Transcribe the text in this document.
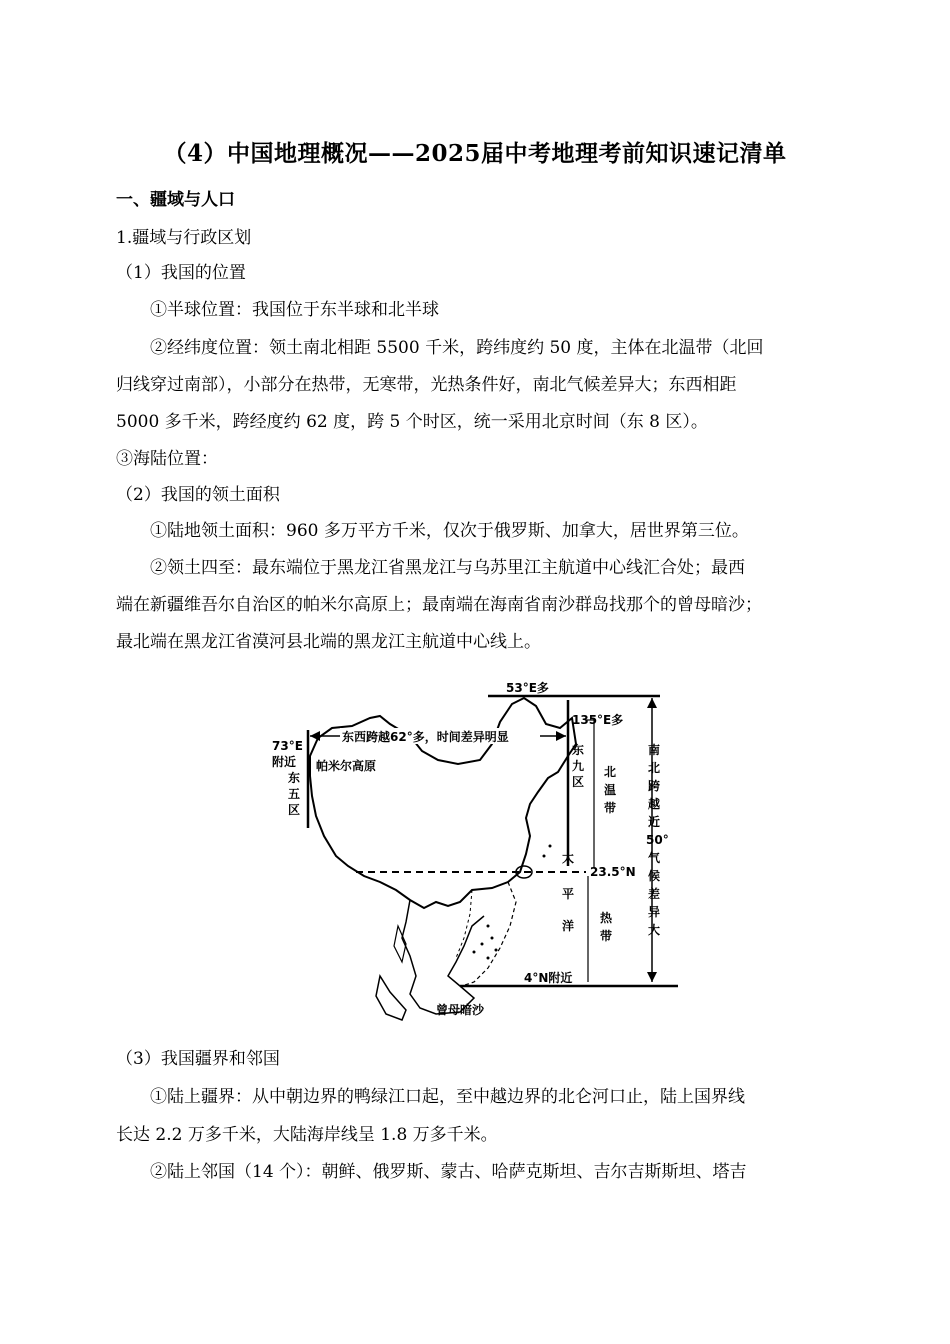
（4）中国地理概况——2025届中考地理考前知识速记清单
一、疆域与人口
1.疆域与行政区划
（1）我国的位置
①半球位置：我国位于东半球和北半球
②经纬度位置：领土南北相距 5500 千米，跨纬度约 50 度，主体在北温带（北回
归线穿过南部），小部分在热带，无寒带，光热条件好，南北气候差异大；东西相距
5000 多千米，跨经度约 62 度，跨 5 个时区，统一采用北京时间（东 8 区）。
③海陆位置：
（2）我国的领土面积
①陆地领土面积：960 多万平方千米，仅次于俄罗斯、加拿大，居世界第三位。
②领土四至：最东端位于黑龙江省黑龙江与乌苏里江主航道中心线汇合处；最西
端在新疆维吾尔自治区的帕米尔高原上；最南端在海南省南沙群岛找那个的曾母暗沙；
最北端在黑龙江省漠河县北端的黑龙江主航道中心线上。
53°E多
135°E多
东西跨越62°多，时间差异明显
73°E
附近
东
五
区
帕米尔高原
东
九
区
北
温
带
23.5°N
太
平
洋
热
带
4°N附近
曾母暗沙
南
北
跨
越
近
50°
气
候
差
异
大
（3）我国疆界和邻国
①陆上疆界：从中朝边界的鸭绿江口起，至中越边界的北仑河口止，陆上国界线
长达 2.2 万多千米，大陆海岸线呈 1.8 万多千米。
②陆上邻国（14 个）：朝鲜、俄罗斯、蒙古、哈萨克斯坦、吉尔吉斯斯坦、塔吉
